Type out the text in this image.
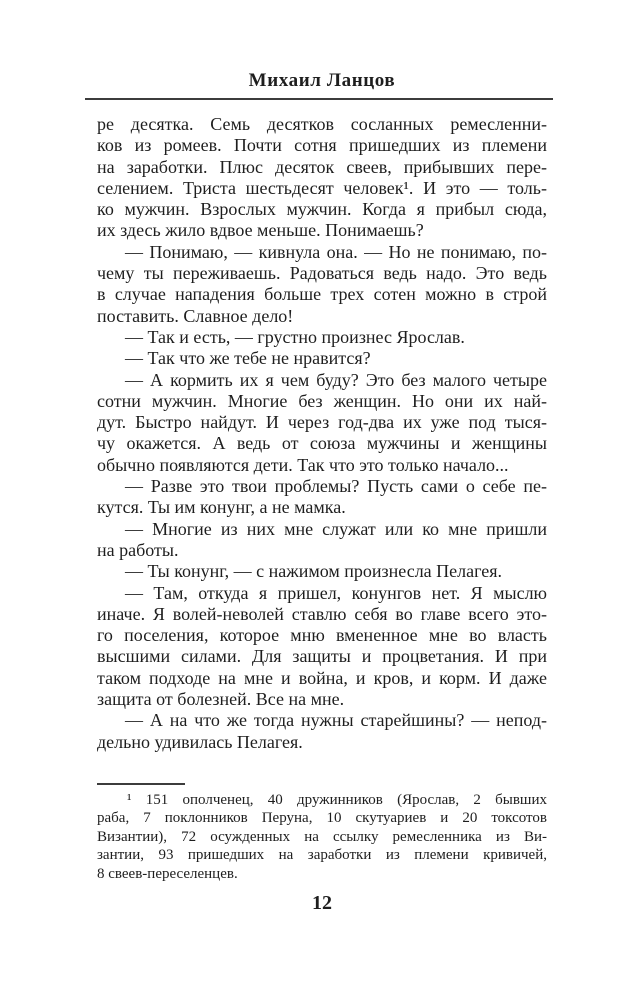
Михаил Ланцов
ре десятка. Семь десятков сосланных ремесленни-
ков из ромеев. Почти сотня пришедших из племени
на заработки. Плюс десяток свеев, прибывших пере-
селением. Триста шестьдесят человек¹. И это — толь-
ко мужчин. Взрослых мужчин. Когда я прибыл сюда,
их здесь жило вдвое меньше. Понимаешь?
— Понимаю, — кивнула она. — Но не понимаю, по-
чему ты переживаешь. Радоваться ведь надо. Это ведь
в случае нападения больше трех сотен можно в строй
поставить. Славное дело!
— Так и есть, — грустно произнес Ярослав.
— Так что же тебе не нравится?
— А кормить их я чем буду? Это без малого четыре
сотни мужчин. Многие без женщин. Но они их най-
дут. Быстро найдут. И через год-два их уже под тыся-
чу окажется. А ведь от союза мужчины и женщины
обычно появляются дети. Так что это только начало...
— Разве это твои проблемы? Пусть сами о себе пе-
кутся. Ты им конунг, а не мамка.
— Многие из них мне служат или ко мне пришли
на работы.
— Ты конунг, — с нажимом произнесла Пелагея.
— Там, откуда я пришел, конунгов нет. Я мыслю
иначе. Я волей-неволей ставлю себя во главе всего это-
го поселения, которое мню вмененное мне во власть
высшими силами. Для защиты и процветания. И при
таком подходе на мне и война, и кров, и корм. И даже
защита от болезней. Все на мне.
— А на что же тогда нужны старейшины? — непод-
дельно удивилась Пелагея.
¹ 151 ополченец, 40 дружинников (Ярослав, 2 бывших
раба, 7 поклонников Перуна, 10 скутуариев и 20 токсотов
Византии), 72 осужденных на ссылку ремесленника из Ви-
зантии, 93 пришедших на заработки из племени кривичей,
8 свеев-переселенцев.
12
